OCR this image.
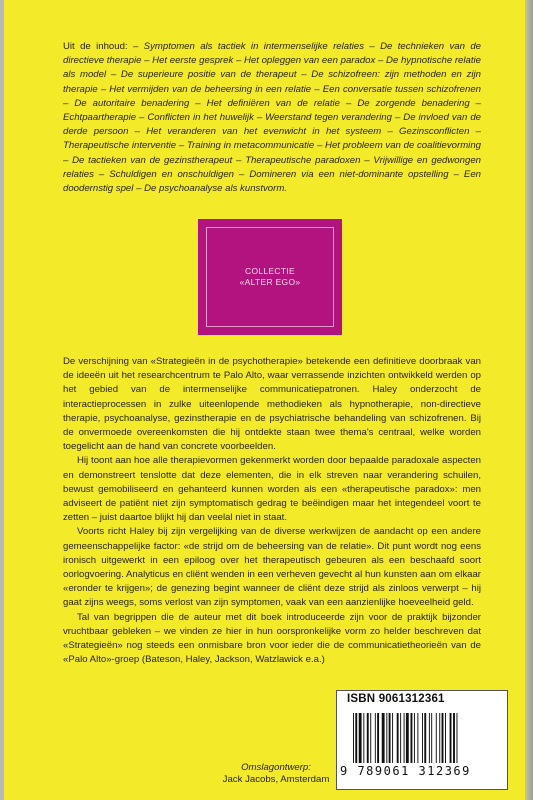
Uit de inhoud: – Symptomen als tactiek in intermenselijke relaties – De technieken van de directieve therapie – Het eerste gesprek – Het opleggen van een paradox – De hypnotische relatie als model – De superieure positie van de therapeut – De schizofreen: zijn methoden en zijn therapie – Het vermijden van de beheersing in een relatie – Een conversatie tussen schizofrenen – De autoritaire benadering – Het definiëren van de relatie – De zorgende benadering – Echtpaartherapie – Conflicten in het huwelijk – Weerstand tegen verandering – De invloed van de derde persoon – Het veranderen van het evenwicht in het systeem – Gezinsconflicten – Therapeutische interventie – Training in metacommunicatie – Het probleem van de coalitievorming – De tactieken van de gezinstherapeut – Therapeutische paradoxen – Vrijwillige en gedwongen relaties – Schuldigen en onschuldigen – Domineren via een niet-dominante opstelling – Een doodernstig spel – De psychoanalyse als kunstvorm.
COLLECTIE
«ALTER EGO»

De verschijning van «Strategieën in de psychotherapie» betekende een definitieve doorbraak van de ideeën uit het researchcentrum te Palo Alto, waar verrassende inzichten ontwikkeld werden op het gebied van de intermenselijke communicatiepatronen. Haley onderzocht de interactieprocessen in zulke uiteenlopende methodieken als hypnotherapie, non-directieve therapie, psychoanalyse, gezinstherapie en de psychiatrische behandeling van schizofrenen. Bij de onvermoede overeenkomsten die hij ontdekte staan twee thema's centraal, welke worden toegelicht aan de hand van concrete voorbeelden.

Hij toont aan hoe alle therapievormen gekenmerkt worden door bepaalde paradoxale aspecten en demonstreert tenslotte dat deze elementen, die in elk streven naar verandering schuilen, bewust gemobiliseerd en gehanteerd kunnen worden als een «therapeutische paradox»: men adviseert de patiënt niet zijn symptomatisch gedrag te beëindigen maar het integendeel voort te zetten – juist daartoe blijkt hij dan veelal niet in staat.

Voorts richt Haley bij zijn vergelijking van de diverse werkwijzen de aandacht op een andere gemeenschappelijke factor: «de strijd om de beheersing van de relatie». Dit punt wordt nog eens ironisch uitgewerkt in een epiloog over het therapeutisch gebeuren als een beschaafd soort oorlogvoering. Analyticus en cliënt wenden in een verheven gevecht al hun kunsten aan om elkaar «eronder te krijgen»; de genezing begint wanneer de cliënt deze strijd als zinloos verwerpt – hij gaat zijns weegs, soms verlost van zijn symptomen, vaak van een aanzienlijke hoeveelheid geld.

Tal van begrippen die de auteur met dit boek introduceerde zijn voor de praktijk bijzonder vruchtbaar gebleken – we vinden ze hier in hun oorspronkelijke vorm zo helder beschreven dat «Strategieën» nog steeds een onmisbare bron voor ieder die de communicatietheorieën van de «Palo Alto»-groep (Bateson, Haley, Jackson, Watzlawick e.a.)

ISBN 9061312361
9 789061 312369
Omslagontwerp:
Jack Jacobs, Amsterdam
